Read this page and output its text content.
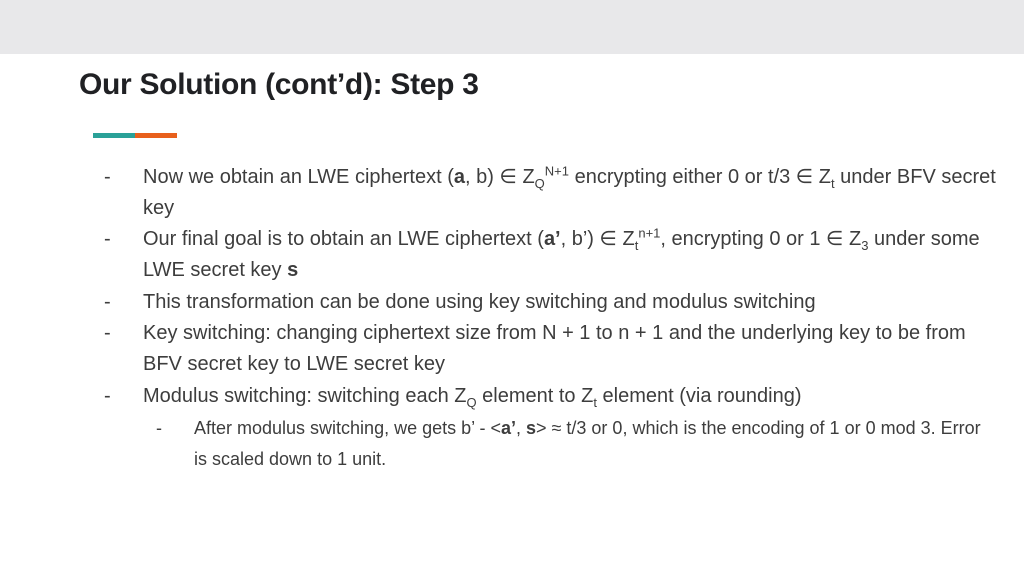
Our Solution (cont’d): Step 3
- Now we obtain an LWE ciphertext (a, b) ∈ $Z_Q^{N+1}$ encrypting either 0 or t/3 ∈ $Z_t$ under BFV secret key
- Our final goal is to obtain an LWE ciphertext (a’, b’) ∈ $Z_t^{n+1}$, encrypting 0 or 1 ∈ $Z_3$ under some LWE secret key s
- This transformation can be done using key switching and modulus switching
- Key switching: changing ciphertext size from N + 1 to n + 1 and the underlying key to be from BFV secret key to LWE secret key
- Modulus switching: switching each $Z_Q$ element to $Z_t$ element (via rounding)
- After modulus switching, we gets b’ - <a’, s> ≈ t/3 or 0, which is the encoding of 1 or 0 mod 3. Error is scaled down to 1 unit.
